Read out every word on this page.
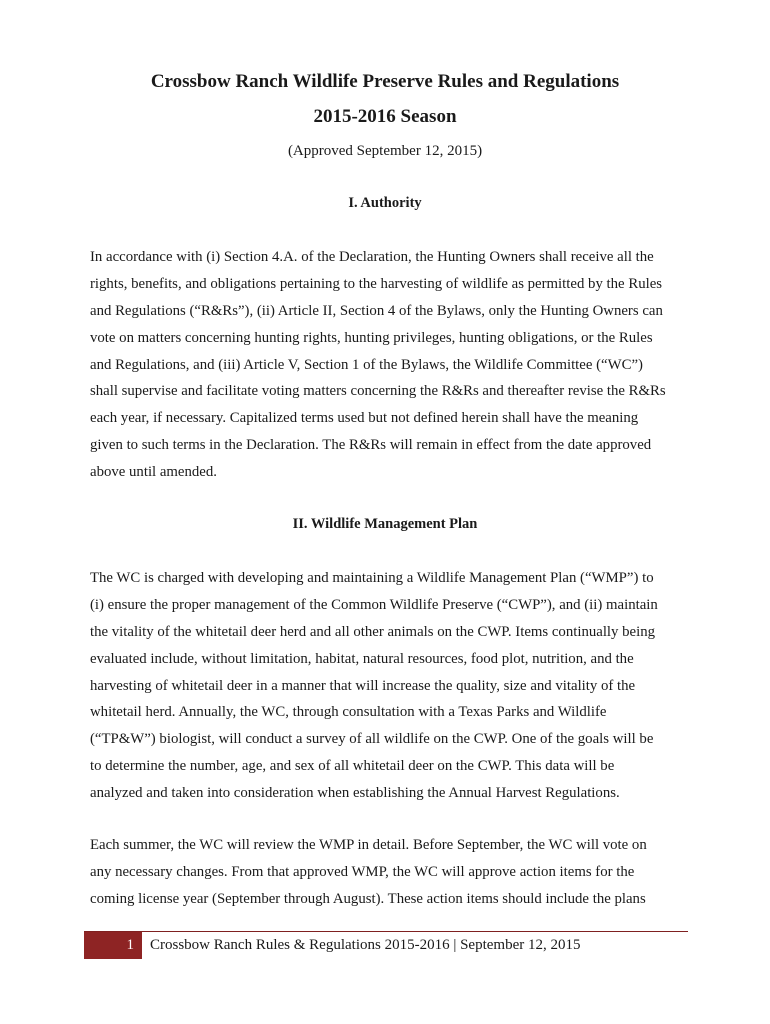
Crossbow Ranch Wildlife Preserve Rules and Regulations
2015-2016 Season

(Approved September 12, 2015)

I. Authority
In accordance with (i) Section 4.A. of the Declaration, the Hunting Owners shall receive all the
rights, benefits, and obligations pertaining to the harvesting of wildlife as permitted by the Rules
and Regulations (“R&Rs”), (ii) Article II, Section 4 of the Bylaws, only the Hunting Owners can
vote on matters concerning hunting rights, hunting privileges, hunting obligations, or the Rules
and Regulations, and (iii) Article V, Section 1 of the Bylaws, the Wildlife Committee (“WC”)
shall supervise and facilitate voting matters concerning the R&Rs and thereafter revise the R&Rs
each year, if necessary. Capitalized terms used but not defined herein shall have the meaning
given to such terms in the Declaration. The R&Rs will remain in effect from the date approved
above until amended.
II. Wildlife Management Plan
The WC is charged with developing and maintaining a Wildlife Management Plan (“WMP”) to
(i) ensure the proper management of the Common Wildlife Preserve (“CWP”), and (ii) maintain
the vitality of the whitetail deer herd and all other animals on the CWP. Items continually being
evaluated include, without limitation, habitat, natural resources, food plot, nutrition, and the
harvesting of whitetail deer in a manner that will increase the quality, size and vitality of the
whitetail herd. Annually, the WC, through consultation with a Texas Parks and Wildlife
(“TP&W”) biologist, will conduct a survey of all wildlife on the CWP. One of the goals will be
to determine the number, age, and sex of all whitetail deer on the CWP. This data will be
analyzed and taken into consideration when establishing the Annual Harvest Regulations.
Each summer, the WC will review the WMP in detail. Before September, the WC will vote on
any necessary changes. From that approved WMP, the WC will approve action items for the
coming license year (September through August). These action items should include the plans
1	Crossbow Ranch Rules & Regulations 2015-2016 | September 12, 2015
